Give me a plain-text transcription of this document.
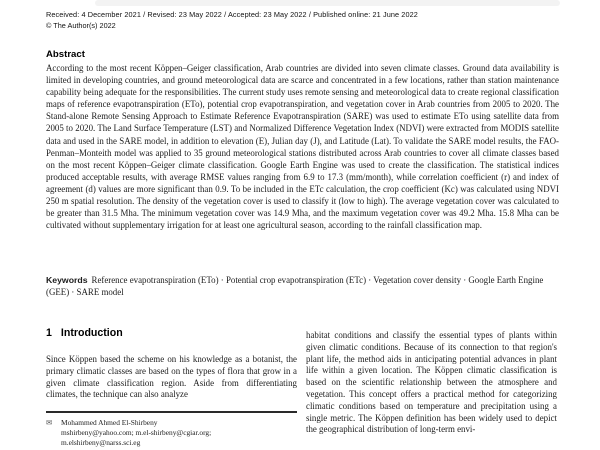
Received: 4 December 2021 / Revised: 23 May 2022 / Accepted: 23 May 2022 / Published online: 21 June 2022
© The Author(s) 2022
Abstract
According to the most recent Köppen–Geiger classification, Arab countries are divided into seven climate classes. Ground data availability is limited in developing countries, and ground meteorological data are scarce and concentrated in a few locations, rather than station maintenance capability being adequate for the responsibilities. The current study uses remote sensing and meteorological data to create regional classification maps of reference evapotranspiration (ETo), potential crop evapotranspiration, and vegetation cover in Arab countries from 2005 to 2020. The Stand-alone Remote Sensing Approach to Estimate Reference Evapotranspiration (SARE) was used to estimate ETo using satellite data from 2005 to 2020. The Land Surface Temperature (LST) and Normalized Difference Vegetation Index (NDVI) were extracted from MODIS satellite data and used in the SARE model, in addition to elevation (E), Julian day (J), and Latitude (Lat). To validate the SARE model results, the FAO-Penman–Monteith model was applied to 35 ground meteorological stations distributed across Arab countries to cover all climate classes based on the most recent Köppen–Geiger climate classification. Google Earth Engine was used to create the classification. The statistical indices produced acceptable results, with average RMSE values ranging from 6.9 to 17.3 (mm/month), while correlation coefficient (r) and index of agreement (d) values are more significant than 0.9. To be included in the ETc calculation, the crop coefficient (Kc) was calculated using NDVI 250 m spatial resolution. The density of the vegetation cover is used to classify it (low to high). The average vegetation cover was calculated to be greater than 31.5 Mha. The minimum vegetation cover was 14.9 Mha, and the maximum vegetation cover was 49.2 Mha. 15.8 Mha can be cultivated without supplementary irrigation for at least one agricultural season, according to the rainfall classification map.
Keywords Reference evapotranspiration (ETo) · Potential crop evapotranspiration (ETc) · Vegetation cover density · Google Earth Engine (GEE) · SARE model
1 Introduction
Since Köppen based the scheme on his knowledge as a botanist, the primary climatic classes are based on the types of flora that grow in a given climate classification region. Aside from differentiating climates, the technique can also analyze
habitat conditions and classify the essential types of plants within given climatic conditions. Because of its connection to that region's plant life, the method aids in anticipating potential advances in plant life within a given location. The Köppen climatic classification is based on the scientific relationship between the atmosphere and vegetation. This concept offers a practical method for categorizing climatic conditions based on temperature and precipitation using a single metric. The Köppen definition has been widely used to depict the geographical distribution of long-term envi-
✉ Mohammed Ahmed El-Shirbeny
mshirbeny@yahoo.com; m.el-shirbeny@cgiar.org;
m.elshirbeny@narss.sci.eg
